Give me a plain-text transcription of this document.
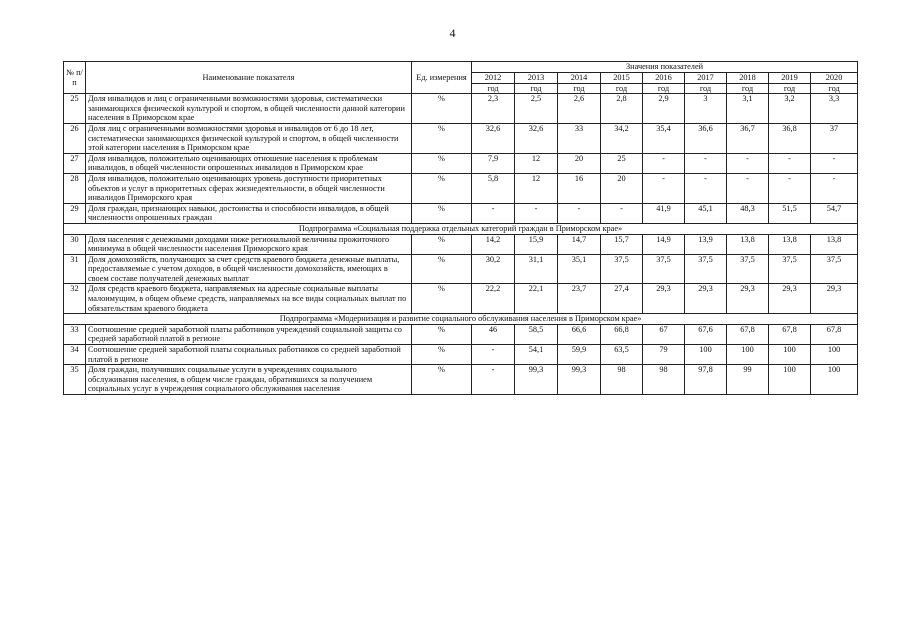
4
№ п/п	Наименование показателя	Ед. измерения	Значения показателей								
			2012	2013	2014	2015	2016	2017	2018	2019	2020
			год	год	год	год	год	год	год	год	год
25	Доля инвалидов и лиц с ограниченными возможностями здоровья, систематически занимающихся физической культурой и спортом, в общей численности данной категории населения в Приморском крае	%	2,3	2,5	2,6	2,8	2,9	3	3,1	3,2	3,3
26	Доля лиц с ограниченными возможностями здоровья и инвалидов от 6 до 18 лет, систематически занимающихся физической культурой и спортом, в общей численности этой категории населения в Приморском крае	%	32,6	32,6	33	34,2	35,4	36,6	36,7	36,8	37
27	Доля инвалидов, положительно оценивающих отношение населения к проблемам инвалидов, в общей численности опрошенных инвалидов в Приморском крае	%	7,9	12	20	25	-	-	-	-	-
28	Доля инвалидов, положительно оценивающих уровень доступности приоритетных объектов и услуг в приоритетных сферах жизнедеятельности, в общей численности инвалидов Приморского края	%	5,8	12	16	20	-	-	-	-	-
29	Доля граждан, признающих навыки, достоинства и способности инвалидов, в общей численности опрошенных граждан	%	-	-	-	-	41,9	45,1	48,3	51,5	54,7
Подпрограмма «Социальная поддержка отдельных категорий граждан в Приморском крае»											
30	Доля населения с денежными доходами ниже региональной величины прожиточного минимума в общей численности населения Приморского края	%	14,2	15,9	14,7	15,7	14,9	13,9	13,8	13,8	13,8
31	Доля домохозяйств, получающих за счет средств краевого бюджета денежные выплаты, предоставляемые с учетом доходов, в общей численности домохозяйств, имеющих в своем составе получателей денежных выплат	%	30,2	31,1	35,1	37,5	37,5	37,5	37,5	37,5	37,5
32	Доля средств краевого бюджета, направляемых на адресные социальные выплаты малоимущим, в общем объеме средств, направляемых на все виды социальных выплат по обязательствам краевого бюджета	%	22,2	22,1	23,7	27,4	29,3	29,3	29,3	29,3	29,3
Подпрограмма «Модернизация и развитие социального обслуживания населения в Приморском крае»											
33	Соотношение средней заработной платы работников учреждений социальной защиты со средней заработной платой в регионе	%	46	58,5	66,6	66,8	67	67,6	67,8	67,8	67,8
34	Соотношение средней заработной платы социальных работников со средней заработной платой в регионе	%	-	54,1	59,9	63,5	79	100	100	100	100
35	Доля граждан, получивших социальные услуги в учреждениях социального обслуживания населения, в общем числе граждан, обратившихся за получением социальных услуг в учреждения социального обслуживания населения	%	-	99,3	99,3	98	98	97,8	99	100	100
